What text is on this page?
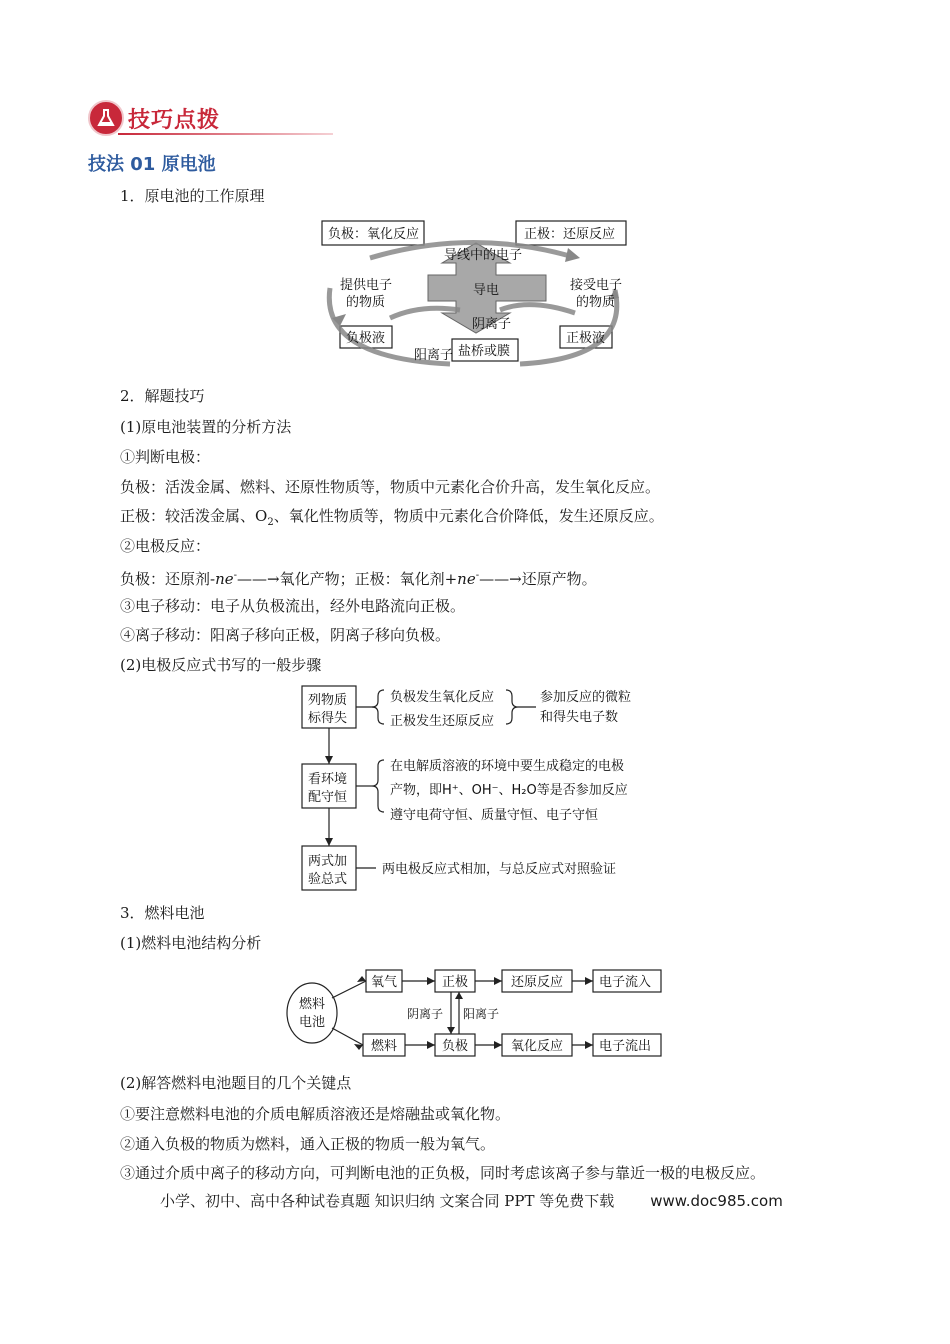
技巧点拨
技法 01 原电池
1．原电池的工作原理
负极：氧化反应	正极：还原反应
导线中的电子
提供电子
的物质
接受电子
的物质
导电
阴离子
负极液	正极液
阳离子 盐桥或膜
2．解题技巧
(1)原电池装置的分析方法
①判断电极：
负极：活泼金属、燃料、还原性物质等，物质中元素化合价升高，发生氧化反应。
正极：较活泼金属、$O_2$、氧化性物质等，物质中元素化合价降低，发生还原反应。
②电极反应：
负极：还原剂-ne-——→氧化产物；正极：氧化剂+ne-——→还原产物。
③电子移动：电子从负极流出，经外电路流向正极。
④离子移动：阳离子移向正极，阴离子移向负极。
(2)电极反应式书写的一般步骤
列物质
标得失
负极发生氧化反应
正极发生还原反应
参加反应的微粒
和得失电子数
看环境
配守恒
在电解质溶液的环境中要生成稳定的电极
产物，即H⁺、OH⁻、H₂O等是否参加反应
遵守电荷守恒、质量守恒、电子守恒
两式加
验总式
两电极反应式相加，与总反应式对照验证
3．燃料电池
(1)燃料电池结构分析
燃料
电池
氧气	正极	还原反应	电子流入
燃料	负极	氧化反应	电子流出
阴离子 阳离子
(2)解答燃料电池题目的几个关键点
①要注意燃料电池的介质电解质溶液还是熔融盐或氧化物。
②通入负极的物质为燃料，通入正极的物质一般为氧气。
③通过介质中离子的移动方向，可判断电池的正负极，同时考虑该离子参与靠近一极的电极反应。
小学、初中、高中各种试卷真题 知识归纳 文案合同 PPT 等免费下载 www.doc985.com
